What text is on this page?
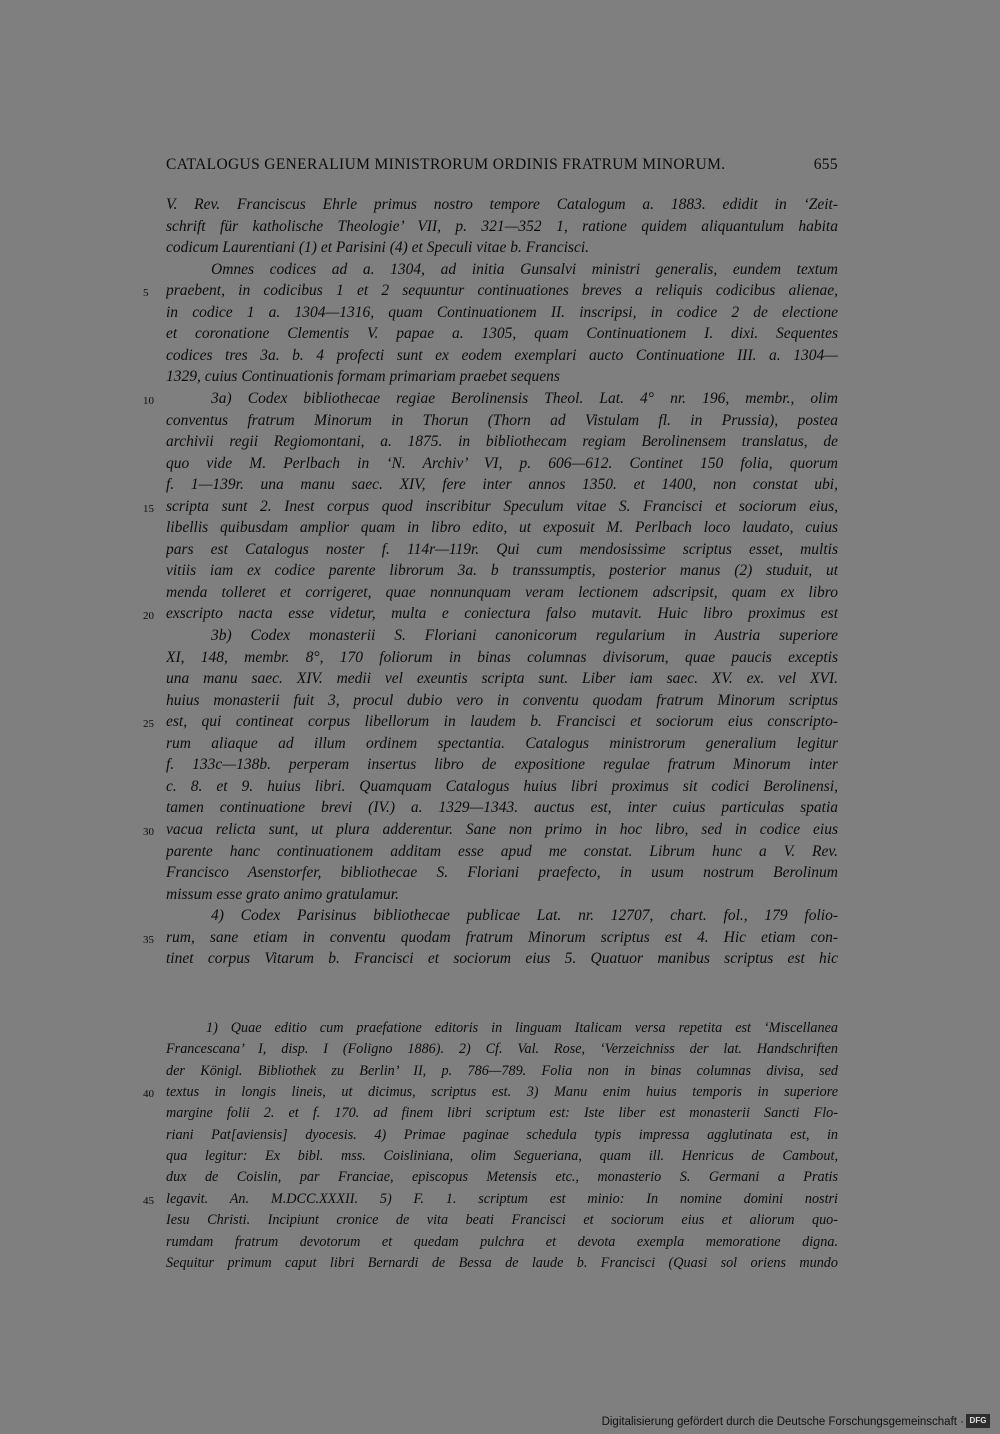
CATALOGUS GENERALIUM MINISTRORUM ORDINIS FRATRUM MINORUM.	655
V. Rev. Franciscus Ehrle primus nostro tempore Catalogum a. 1883. edidit in ‘Zeit-
schrift für katholische Theologie’ VII, p. 321—352 1, ratione quidem aliquantulum habita
codicum Laurentiani (1) et Parisini (4) et Speculi vitae b. Francisci.
Omnes codices ad a. 1304, ad initia Gunsalvi ministri generalis, eundem textum
praebent, in codicibus 1 et 2 sequuntur continuationes breves a reliquis codicibus alienae,
in codice 1 a. 1304—1316, quam Continuationem II. inscripsi, in codice 2 de electione
et coronatione Clementis V. papae a. 1305, quam Continuationem I. dixi. Sequentes
codices tres 3a. b. 4 profecti sunt ex eodem exemplari aucto Continuatione III. a. 1304—
1329, cuius Continuationis formam primariam praebet sequens
3a) Codex bibliothecae regiae Berolinensis Theol. Lat. 4° nr. 196, membr., olim
conventus fratrum Minorum in Thorun (Thorn ad Vistulam fl. in Prussia), postea
archivii regii Regiomontani, a. 1875. in bibliothecam regiam Berolinensem translatus, de
quo vide M. Perlbach in ‘N. Archiv’ VI, p. 606—612. Continet 150 folia, quorum
f. 1—139r. una manu saec. XIV, fere inter annos 1350. et 1400, non constat ubi,
scripta sunt 2. Inest corpus quod inscribitur Speculum vitae S. Francisci et sociorum eius,
libellis quibusdam amplior quam in libro edito, ut exposuit M. Perlbach loco laudato, cuius
pars est Catalogus noster f. 114r—119r. Qui cum mendosissime scriptus esset, multis
vitiis iam ex codice parente librorum 3a. b transsumptis, posterior manus (2) studuit, ut
menda tolleret et corrigeret, quae nonnunquam veram lectionem adscripsit, quam ex libro
exscripto nacta esse videtur, multa e coniectura falso mutavit. Huic libro proximus est
3b) Codex monasterii S. Floriani canonicorum regularium in Austria superiore
XI, 148, membr. 8°, 170 foliorum in binas columnas divisorum, quae paucis exceptis
una manu saec. XIV. medii vel exeuntis scripta sunt. Liber iam saec. XV. ex. vel XVI.
huius monasterii fuit 3, procul dubio vero in conventu quodam fratrum Minorum scriptus
est, qui contineat corpus libellorum in laudem b. Francisci et sociorum eius conscripto-
rum aliaque ad illum ordinem spectantia. Catalogus ministrorum generalium legitur
f. 133c—138b. perperam insertus libro de expositione regulae fratrum Minorum inter
c. 8. et 9. huius libri. Quamquam Catalogus huius libri proximus sit codici Berolinensi,
tamen continuatione brevi (IV.) a. 1329—1343. auctus est, inter cuius particulas spatia
vacua relicta sunt, ut plura adderentur. Sane non primo in hoc libro, sed in codice eius
parente hanc continuationem additam esse apud me constat. Librum hunc a V. Rev.
Francisco Asenstorfer, bibliothecae S. Floriani praefecto, in usum nostrum Berolinum
missum esse grato animo gratulamur.
4) Codex Parisinus bibliothecae publicae Lat. nr. 12707, chart. fol., 179 folio-
rum, sane etiam in conventu quodam fratrum Minorum scriptus est 4. Hic etiam con-
tinet corpus Vitarum b. Francisci et sociorum eius 5. Quatuor manibus scriptus est hic
1) Quae editio cum praefatione editoris in linguam Italicam versa repetita est ‘Miscellanea
Francescana’ I, disp. I (Foligno 1886). 2) Cf. Val. Rose, ‘Verzeichniss der lat. Handschriften
der Königl. Bibliothek zu Berlin’ II, p. 786—789. Folia non in binas columnas divisa, sed
textus in longis lineis, ut dicimus, scriptus est. 3) Manu enim huius temporis in superiore
margine folii 2. et f. 170. ad finem libri scriptum est: Iste liber est monasterii Sancti Flo-
riani Pat[aviensis] dyocesis. 4) Primae paginae schedula typis impressa agglutinata est, in
qua legitur: Ex bibl. mss. Coisliniana, olim Segueriana, quam ill. Henricus de Cambout,
dux de Coislin, par Franciae, episcopus Metensis etc., monasterio S. Germani a Pratis
legavit. An. M.DCC.XXXII. 5) F. 1. scriptum est minio: In nomine domini nostri
Iesu Christi. Incipiunt cronice de vita beati Francisci et sociorum eius et aliorum quo-
rumdam fratrum devotorum et quedam pulchra et devota exempla memoratione digna.
Sequitur primum caput libri Bernardi de Bessa de laude b. Francisci (Quasi sol oriens mundo
5
10
15
20
25
30
35
40
45
Digitalisierung gefördert durch die Deutsche Forschungsgemeinschaft · DFG
